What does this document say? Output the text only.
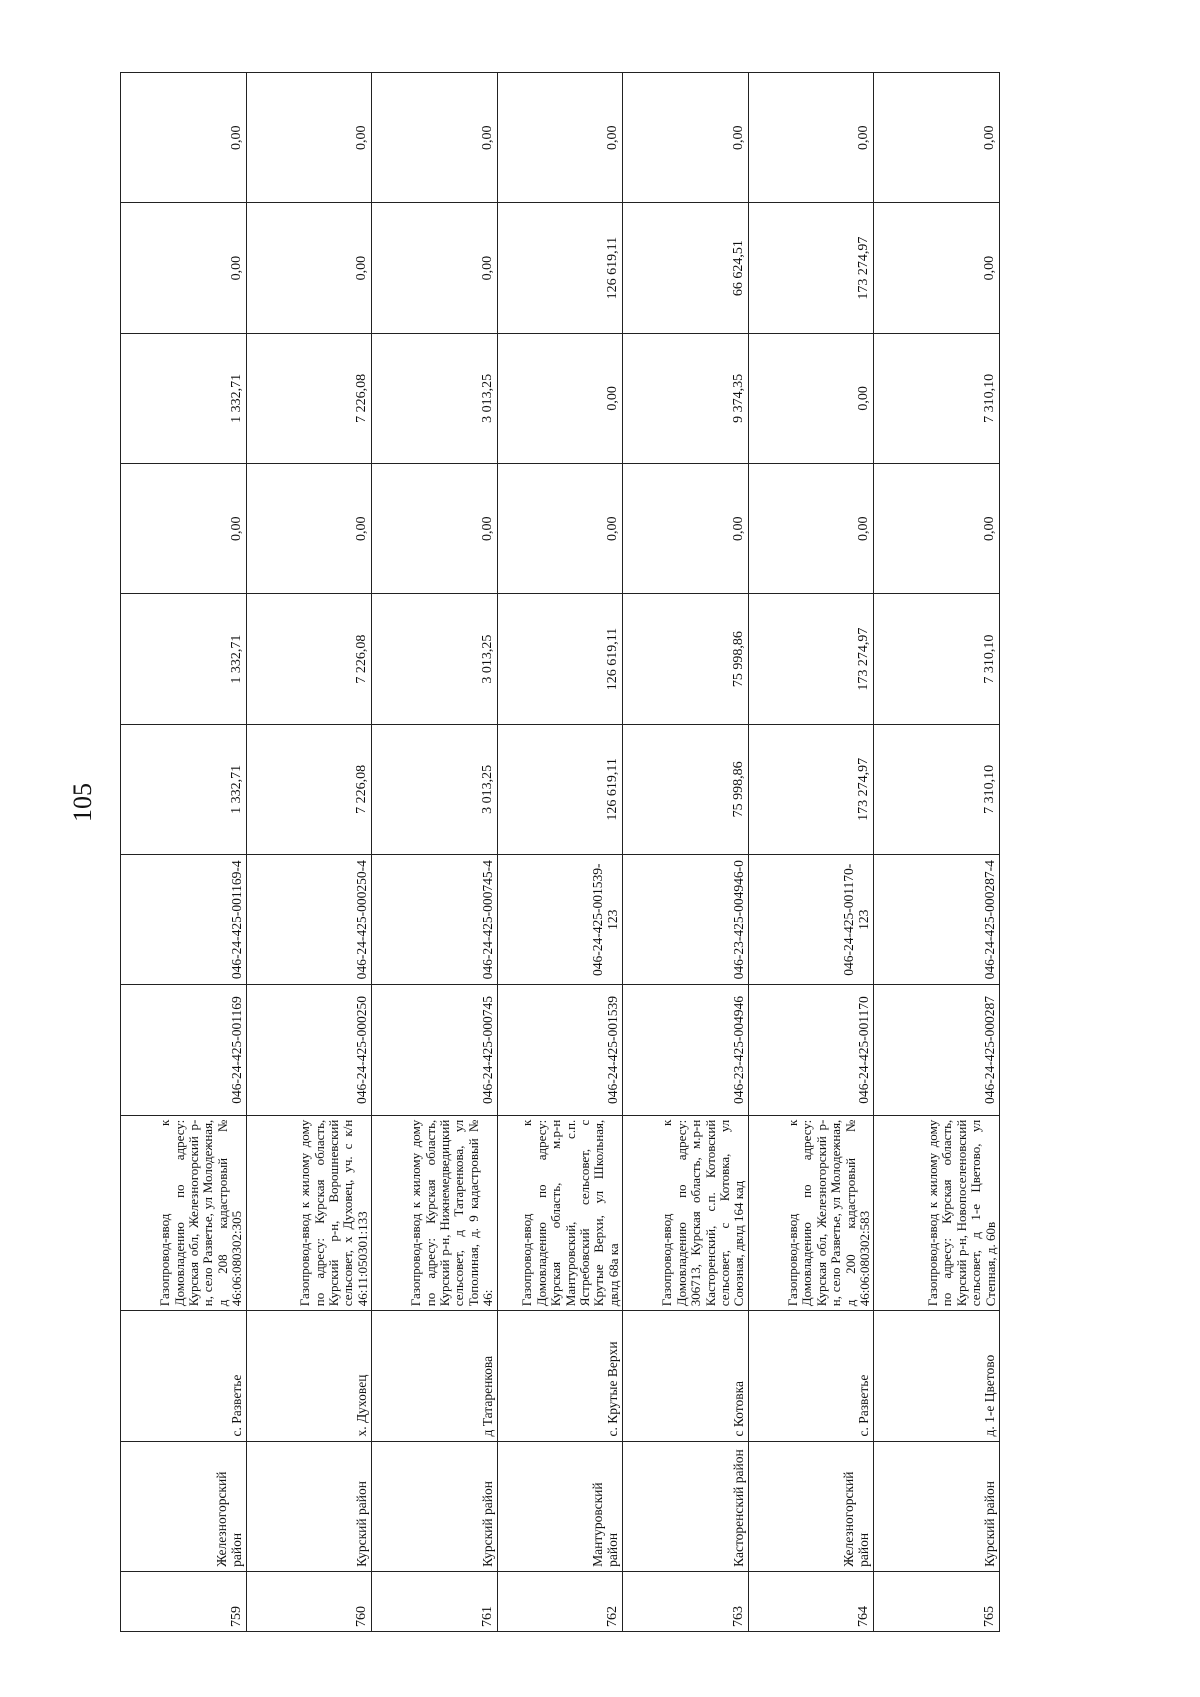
105
759	Железногорский район	с. Разветье	Газопровод-ввод к Домовладению по адресу: Курская обл, Железногорский р-н, село Разветье, ул Молодежная, д 208 кадастровый № 46:06:080302:305	046-24-425-001169	046-24-425-001169-4	1 332,71	1 332,71	0,00	1 332,71	0,00	0,00
760	Курский район	х. Духовец	Газопровод-ввод к жилому дому по адресу: Курская область, Курский р-н, Ворошневский сельсовет, х Духовец, уч. с к/н 46:11:050301:133	046-24-425-000250	046-24-425-000250-4	7 226,08	7 226,08	0,00	7 226,08	0,00	0,00
761	Курский район	д Татаренкова	Газопровод-ввод к жилому дому по адресу: Курская область, Курский р-н, Нижнемедведицкий сельсовет, д Татаренкова, ул Тополиная, д. 9 кадастровый № 46:	046-24-425-000745	046-24-425-000745-4	3 013,25	3 013,25	0,00	3 013,25	0,00	0,00
762	Мантуровский район	с. Крутые Верхи	Газопровод-ввод к Домовладению по адресу: Курская область, м.р-н Мантуровский, с.п. Ястребовский сельсовет, с Крутые Верхи, ул Школьная, двлд 68а ка	046-24-425-001539	046-24-425-001539-123	126 619,11	126 619,11	0,00	0,00	126 619,11	0,00
763	Касторенский район	с Котовка	Газопровод-ввод к Домовладению по адресу: 306713, Курская область, м.р-н Касторенский, с.п. Котовский сельсовет, с Котовка, ул Союзная, двлд 164 кад	046-23-425-004946	046-23-425-004946-0	75 998,86	75 998,86	0,00	9 374,35	66 624,51	0,00
764	Железногорский район	с. Разветье	Газопровод-ввод к Домовладению по адресу: Курская обл, Железногорский р-н, село Разветье, ул Молодежная, д 200 кадастровый № 46:06:080302:583	046-24-425-001170	046-24-425-001170-123	173 274,97	173 274,97	0,00	0,00	173 274,97	0,00
765	Курский район	д. 1-е Цветово	Газопровод-ввод к жилому дому по адресу: Курская область, Курский р-н, Новопоселеновский сельсовет, д 1-е Цветово, ул Степная, д. 60в	046-24-425-000287	046-24-425-000287-4	7 310,10	7 310,10	0,00	7 310,10	0,00	0,00
